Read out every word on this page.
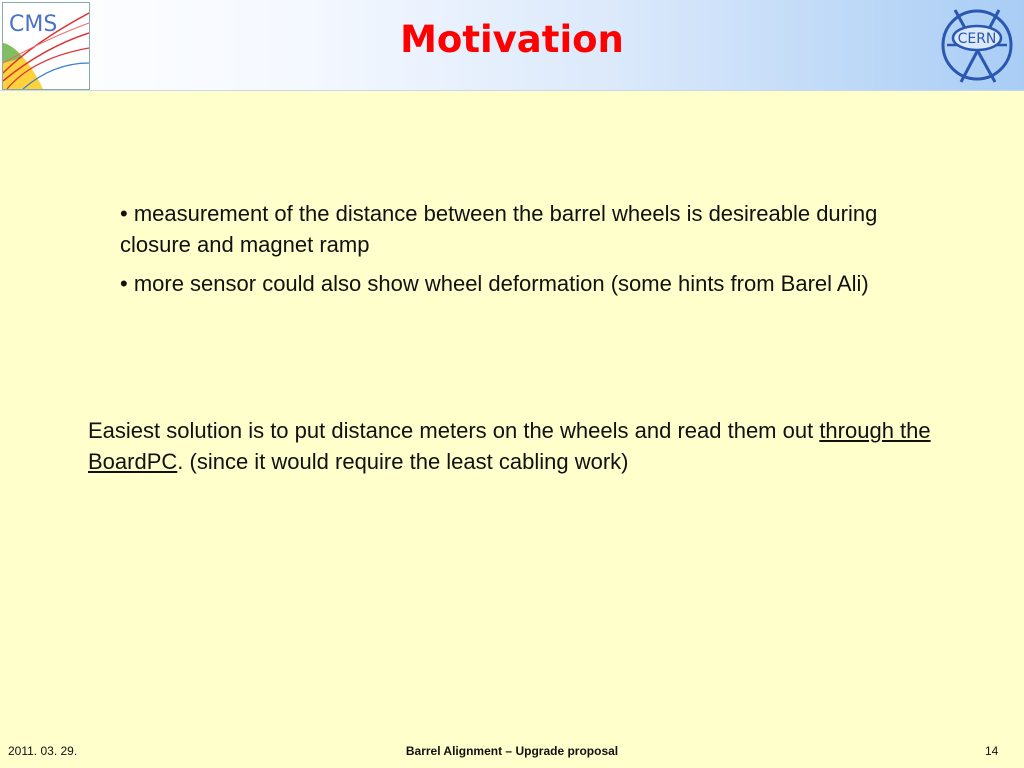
CMS	Motivation	CERN
• measurement of the distance between the barrel wheels is desireable during closure and magnet ramp
• more sensor could also show wheel deformation (some hints from Barel Ali)
Easiest solution is to put distance meters on the wheels and read them out through the BoardPC. (since it would require the least cabling work)
2011. 03. 29.	Barrel Alignment – Upgrade proposal	14
